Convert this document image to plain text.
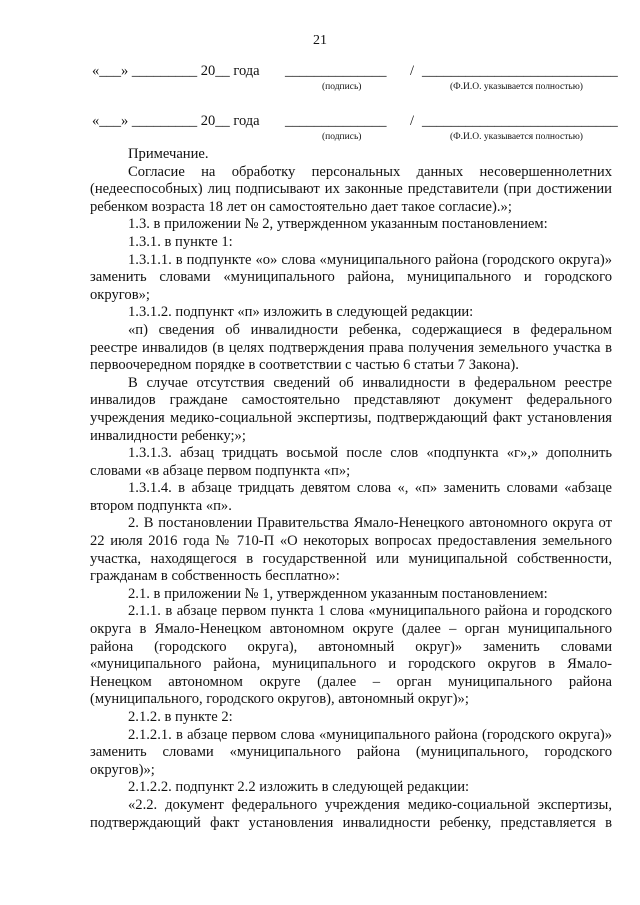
21
«___» _________ 20__ года ______________ / ___________________________
(подпись)	(Ф.И.О. указывается полностью)
«___» _________ 20__ года ______________ / ___________________________
(подпись)	(Ф.И.О. указывается полностью)

Примечание.

Согласие на обработку персональных данных несовершеннолетних (недееспособных) лиц подписывают их законные представители (при достижении ребенком возраста 18 лет он самостоятельно дает такое согласие).»;

1.3. в приложении № 2, утвержденном указанным постановлением:

1.3.1. в пункте 1:

1.3.1.1. в подпункте «о» слова «муниципального района (городского округа)» заменить словами «муниципального района, муниципального и городского округов»;

1.3.1.2. подпункт «п» изложить в следующей редакции:

«п) сведения об инвалидности ребенка, содержащиеся в федеральном реестре инвалидов (в целях подтверждения права получения земельного участка в первоочередном порядке в соответствии с частью 6 статьи 7 Закона).

В случае отсутствия сведений об инвалидности в федеральном реестре инвалидов граждане самостоятельно представляют документ федерального учреждения медико-социальной экспертизы, подтверждающий факт установления инвалидности ребенку;»;

1.3.1.3. абзац тридцать восьмой после слов «подпункта «г»,» дополнить словами «в абзаце первом подпункта «п»;

1.3.1.4. в абзаце тридцать девятом слова «, «п» заменить словами «абзаце втором подпункта «п».

2. В постановлении Правительства Ямало-Ненецкого автономного округа от 22 июля 2016 года № 710-П «О некоторых вопросах предоставления земельного участка, находящегося в государственной или муниципальной собственности, гражданам в собственность бесплатно»:

2.1. в приложении № 1, утвержденном указанным постановлением:

2.1.1. в абзаце первом пункта 1 слова «муниципального района и городского округа в Ямало-Ненецком автономном округе (далее – орган муниципального района (городского округа), автономный округ)» заменить словами «муниципального района, муниципального и городского округов в Ямало-Ненецком автономном округе (далее – орган муниципального района (муниципального, городского округов), автономный округ)»;

2.1.2. в пункте 2:

2.1.2.1. в абзаце первом слова «муниципального района (городского округа)» заменить словами «муниципального района (муниципального, городского округов)»;

2.1.2.2. подпункт 2.2 изложить в следующей редакции:

«2.2. документ федерального учреждения медико-социальной экспертизы, подтверждающий факт установления инвалидности ребенку, представляется в
